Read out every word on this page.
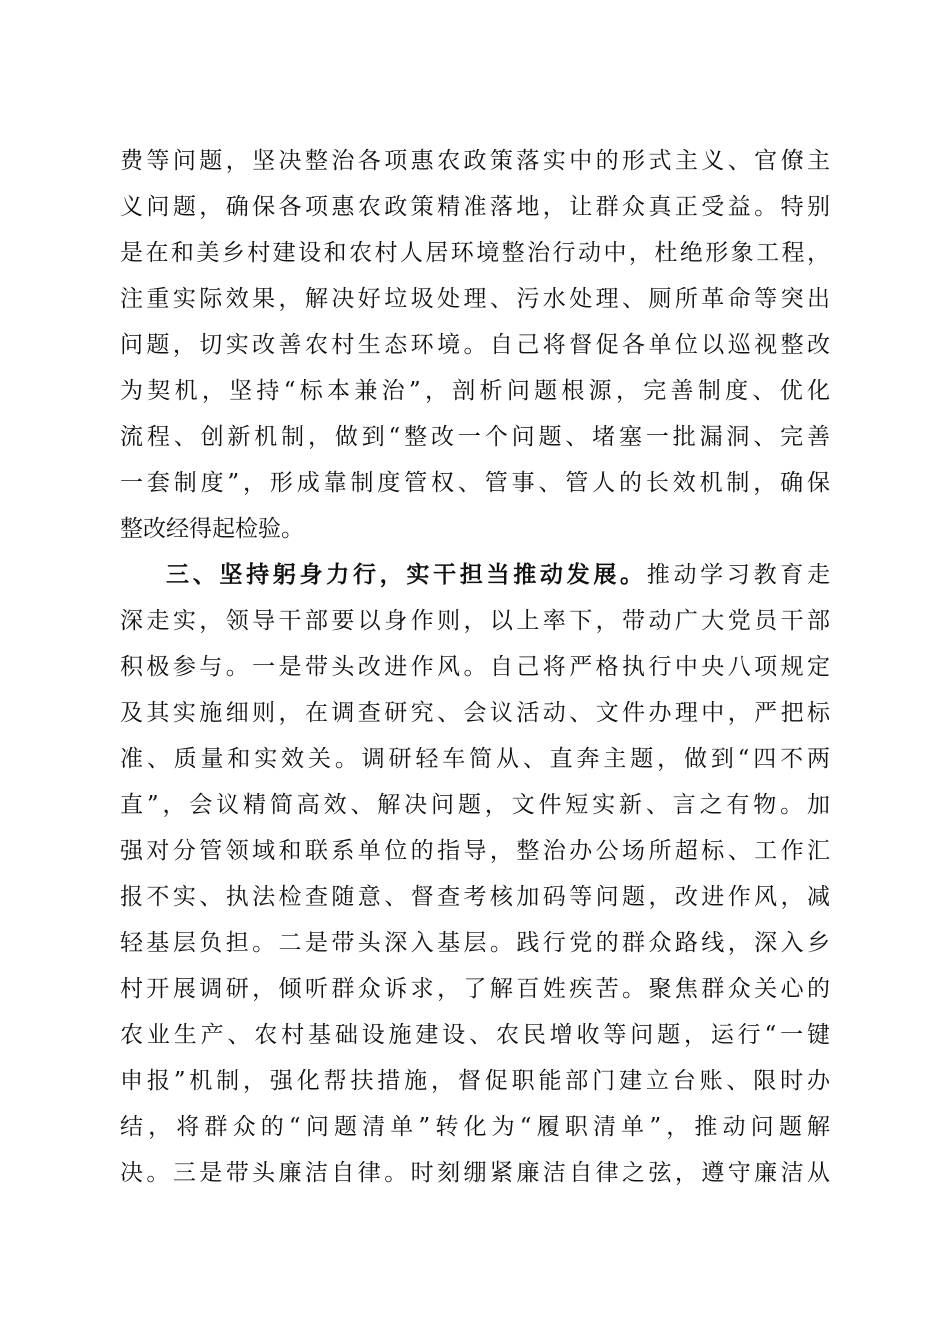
费等问题，坚决整治各项惠农政策落实中的形式主义、官僚主
义问题，确保各项惠农政策精准落地，让群众真正受益。特别
是在和美乡村建设和农村人居环境整治行动中，杜绝形象工程，
注重实际效果，解决好垃圾处理、污水处理、厕所革命等突出
问题，切实改善农村生态环境。自己将督促各单位以巡视整改
为契机，坚持“标本兼治”，剖析问题根源，完善制度、优化
流程、创新机制，做到“整改一个问题、堵塞一批漏洞、完善
一套制度”，形成靠制度管权、管事、管人的长效机制，确保
整改经得起检验。
三、坚持躬身力行，实干担当推动发展。推动学习教育走
深走实，领导干部要以身作则，以上率下，带动广大党员干部
积极参与。一是带头改进作风。自己将严格执行中央八项规定
及其实施细则，在调查研究、会议活动、文件办理中，严把标
准、质量和实效关。调研轻车简从、直奔主题，做到“四不两
直”，会议精简高效、解决问题，文件短实新、言之有物。加
强对分管领域和联系单位的指导，整治办公场所超标、工作汇
报不实、执法检查随意、督查考核加码等问题，改进作风，减
轻基层负担。二是带头深入基层。践行党的群众路线，深入乡
村开展调研，倾听群众诉求，了解百姓疾苦。聚焦群众关心的
农业生产、农村基础设施建设、农民增收等问题，运行“一键
申报”机制，强化帮扶措施，督促职能部门建立台账、限时办
结，将群众的“问题清单”转化为“履职清单”，推动问题解
决。三是带头廉洁自律。时刻绷紧廉洁自律之弦，遵守廉洁从
